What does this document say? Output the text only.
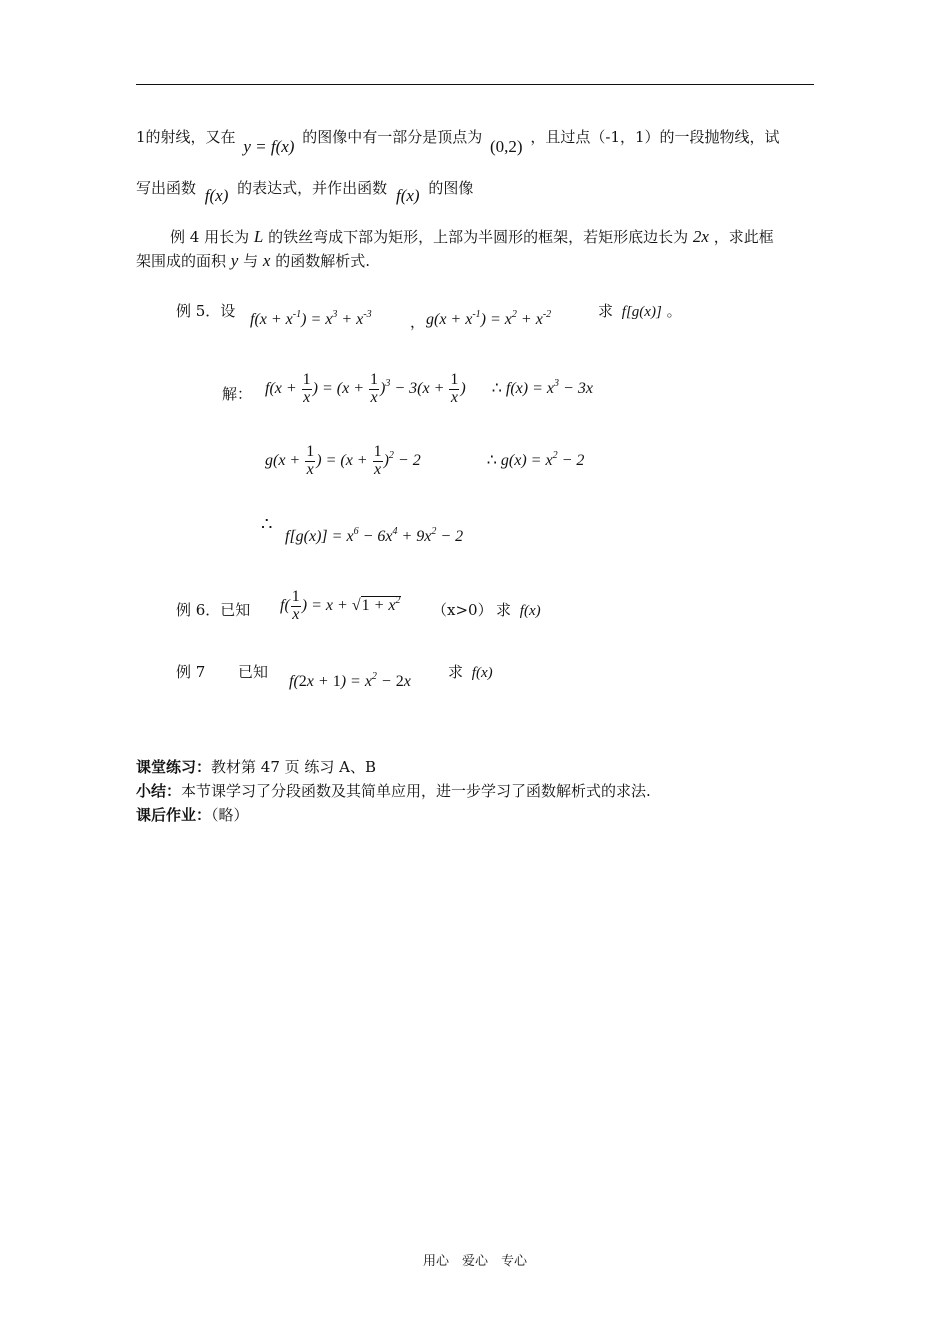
1的射线，又在 y = f(x) 的图像中有一部分是顶点为 (0,2) ，且过点（-1，1）的一段抛物线，试
写出函数 f(x) 的表达式，并作出函数 f(x) 的图像
例 4 用长为 L 的铁丝弯成下部为矩形，上部为半圆形的框架，若矩形底边长为 2x ，求此框
架围成的面积 y 与 x 的函数解析式.
例 5．设 $f(x + x^{-1}) = x^3 + x^{-3}$	， $g(x + x^{-1}) = x^2 + x^{-2}$	求 f[g(x)] 。
解： $f(x + \frac{1}{x}$ ) = $(x + \frac{1}{x} )^3 - 3(x + \frac{1}{x}$ ) ∴ $f(x) = x^3 - 3x$
$g(x + \frac{1}{x}$ ) = $(x + \frac{1}{x} )^2 - 2$	∴ $g(x) = x^2 - 2$
∴
$f[g(x)] = x^6 - 6x^4 + 9x^2 - 2$
例 6．已知 $f( \frac{1}{x}$ ) = $x + √1 + x^2$
（x>0） 求 f(x)
例 7 已知
$f(2x + 1) = x^2 - 2x$
求 f(x)
课堂练习：教材第 47 页 练习 A、B
小结：本节课学习了分段函数及其简单应用，进一步学习了函数解析式的求法.
课后作业：（略）
用心　爱心　专心
